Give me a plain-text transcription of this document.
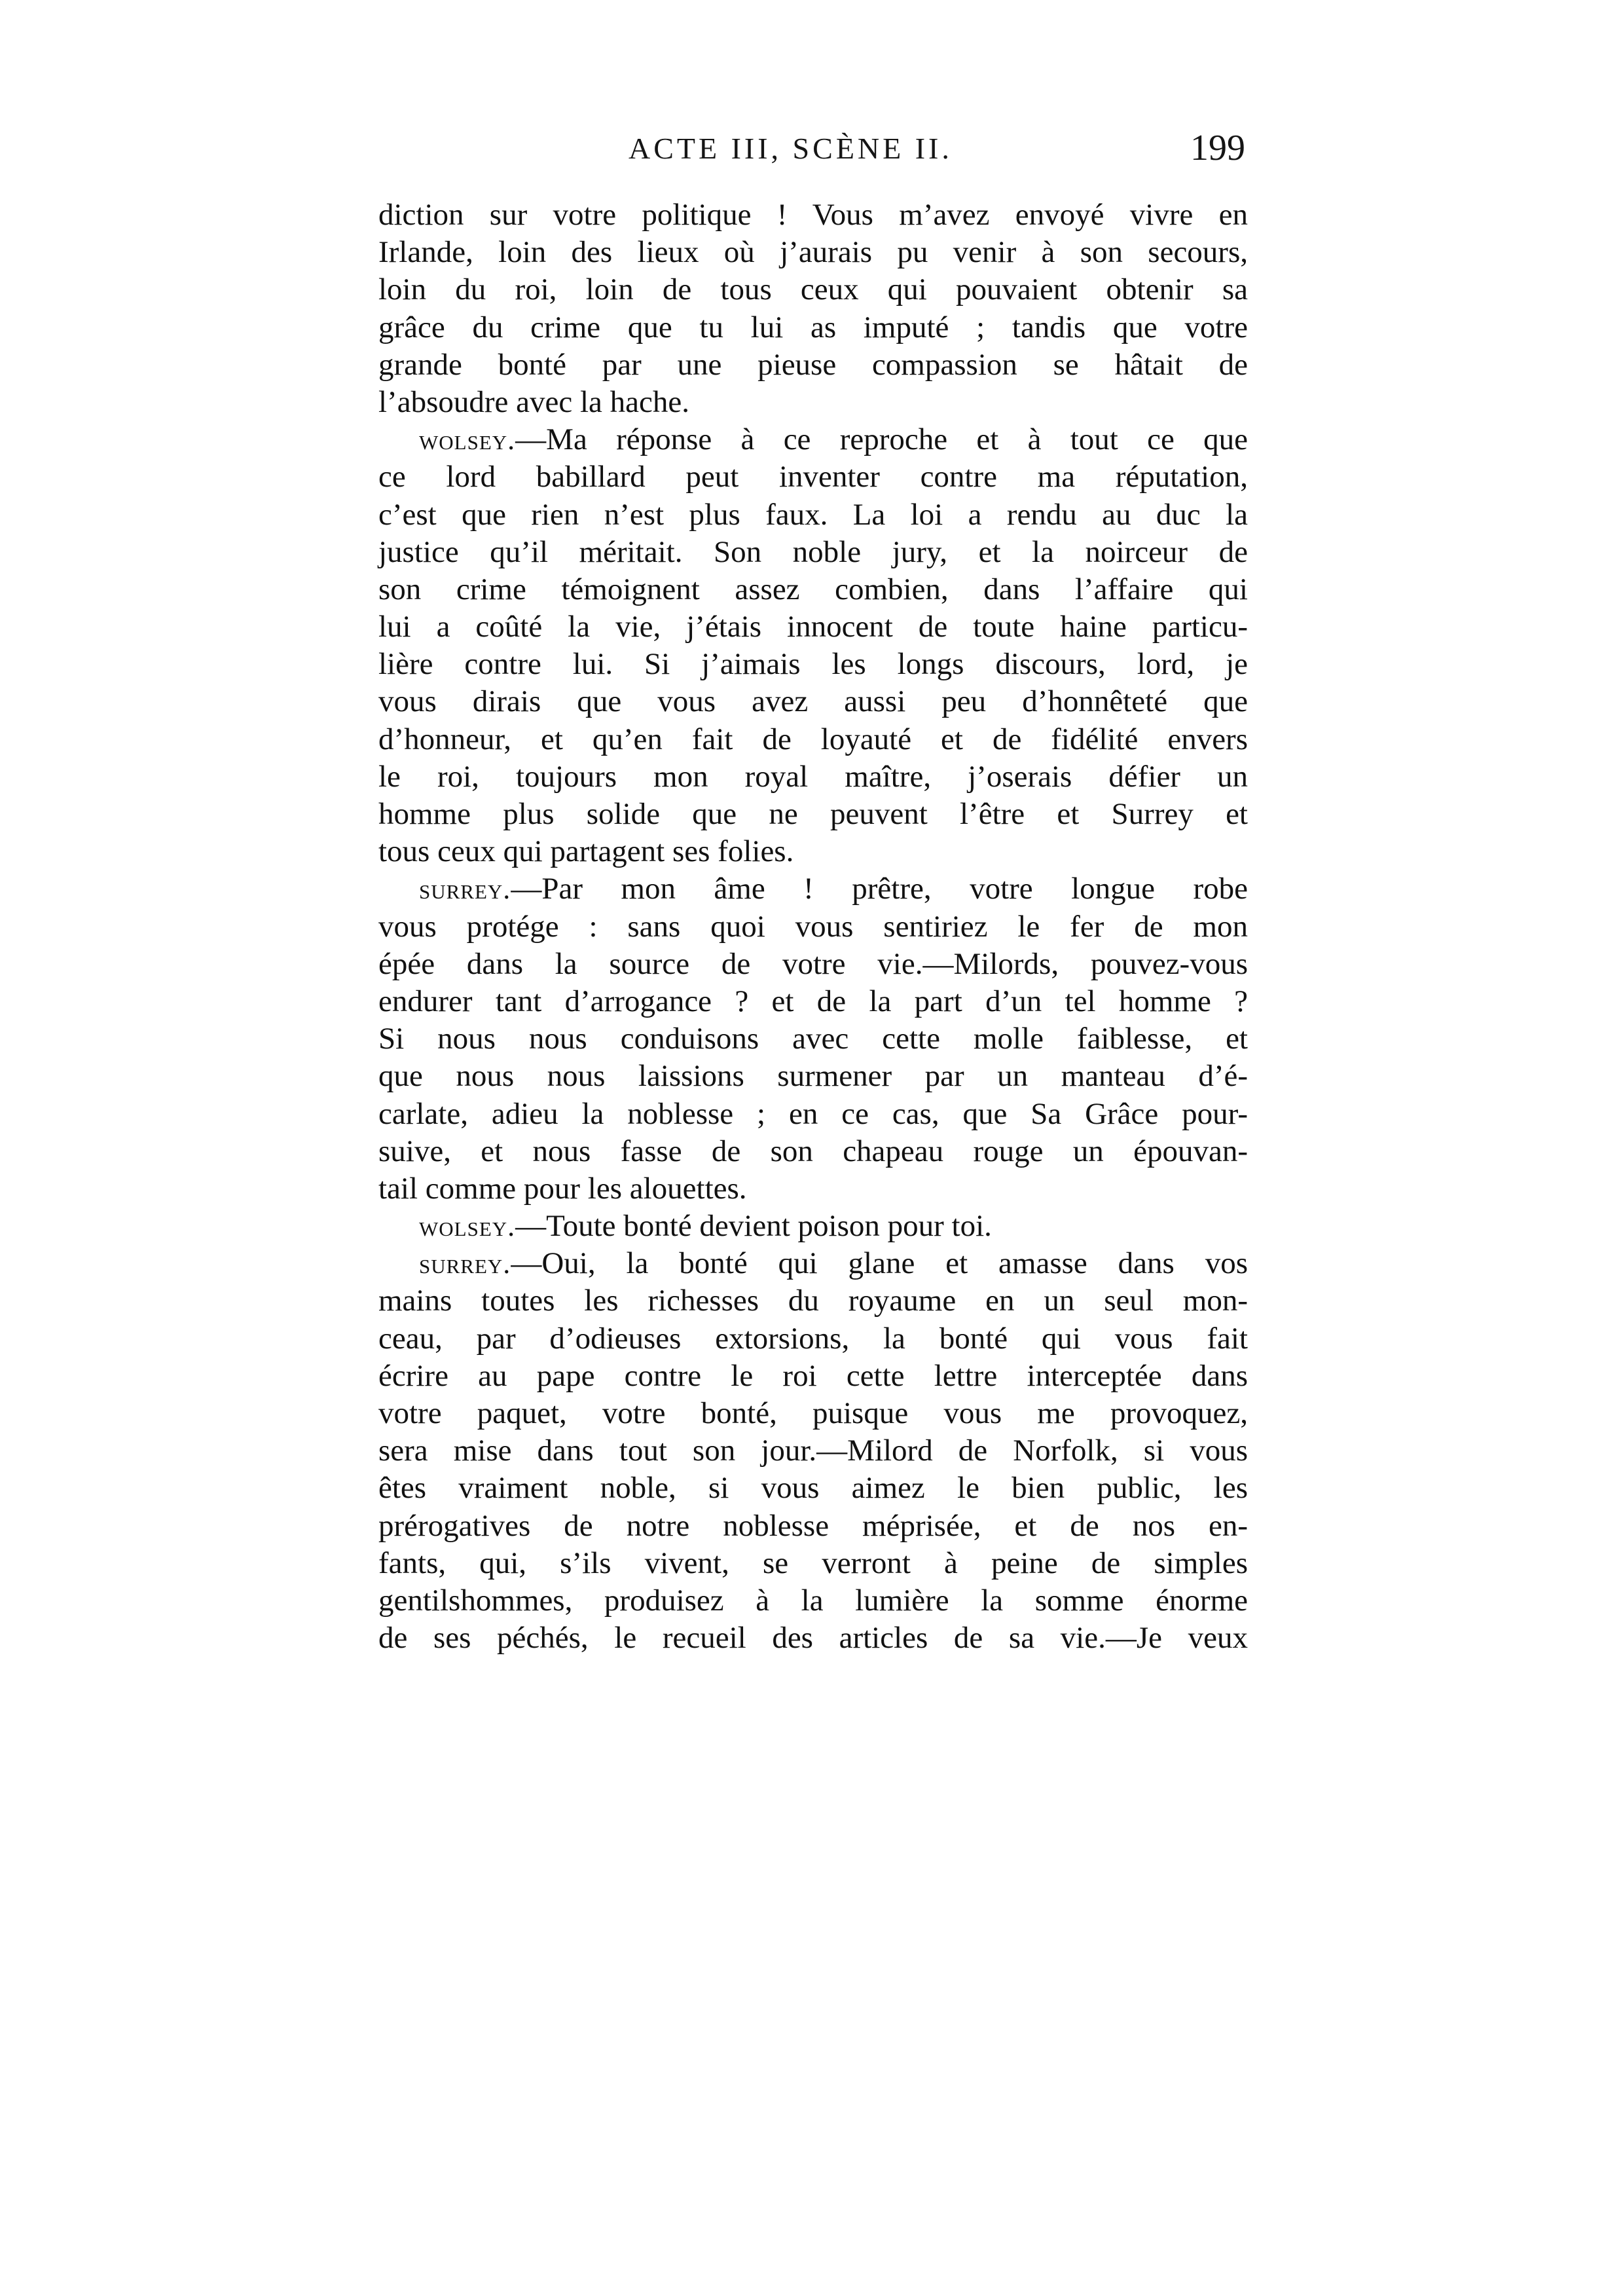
ACTE III, SCÈNE II.	199
diction sur votre politique ! Vous m’avez envoyé vivre en
Irlande, loin des lieux où j’aurais pu venir à son secours,
loin du roi, loin de tous ceux qui pouvaient obtenir sa
grâce du crime que tu lui as imputé ; tandis que votre
grande bonté par une pieuse compassion se hâtait de
l’absoudre avec la hache.
wolsey.—Ma réponse à ce reproche et à tout ce que
ce lord babillard peut inventer contre ma réputation,
c’est que rien n’est plus faux. La loi a rendu au duc la
justice qu’il méritait. Son noble jury, et la noirceur de
son crime témoignent assez combien, dans l’affaire qui
lui a coûté la vie, j’étais innocent de toute haine particu-
lière contre lui. Si j’aimais les longs discours, lord, je
vous dirais que vous avez aussi peu d’honnêteté que
d’honneur, et qu’en fait de loyauté et de fidélité envers
le roi, toujours mon royal maître, j’oserais défier un
homme plus solide que ne peuvent l’être et Surrey et
tous ceux qui partagent ses folies.
surrey.—Par mon âme ! prêtre, votre longue robe
vous protége : sans quoi vous sentiriez le fer de mon
épée dans la source de votre vie.—Milords, pouvez-vous
endurer tant d’arrogance ? et de la part d’un tel homme ?
Si nous nous conduisons avec cette molle faiblesse, et
que nous nous laissions surmener par un manteau d’é-
carlate, adieu la noblesse ; en ce cas, que Sa Grâce pour-
suive, et nous fasse de son chapeau rouge un épouvan-
tail comme pour les alouettes.
wolsey.—Toute bonté devient poison pour toi.
surrey.—Oui, la bonté qui glane et amasse dans vos
mains toutes les richesses du royaume en un seul mon-
ceau, par d’odieuses extorsions, la bonté qui vous fait
écrire au pape contre le roi cette lettre interceptée dans
votre paquet, votre bonté, puisque vous me provoquez,
sera mise dans tout son jour.—Milord de Norfolk, si vous
êtes vraiment noble, si vous aimez le bien public, les
prérogatives de notre noblesse méprisée, et de nos en-
fants, qui, s’ils vivent, se verront à peine de simples
gentilshommes, produisez à la lumière la somme énorme
de ses péchés, le recueil des articles de sa vie.—Je veux
